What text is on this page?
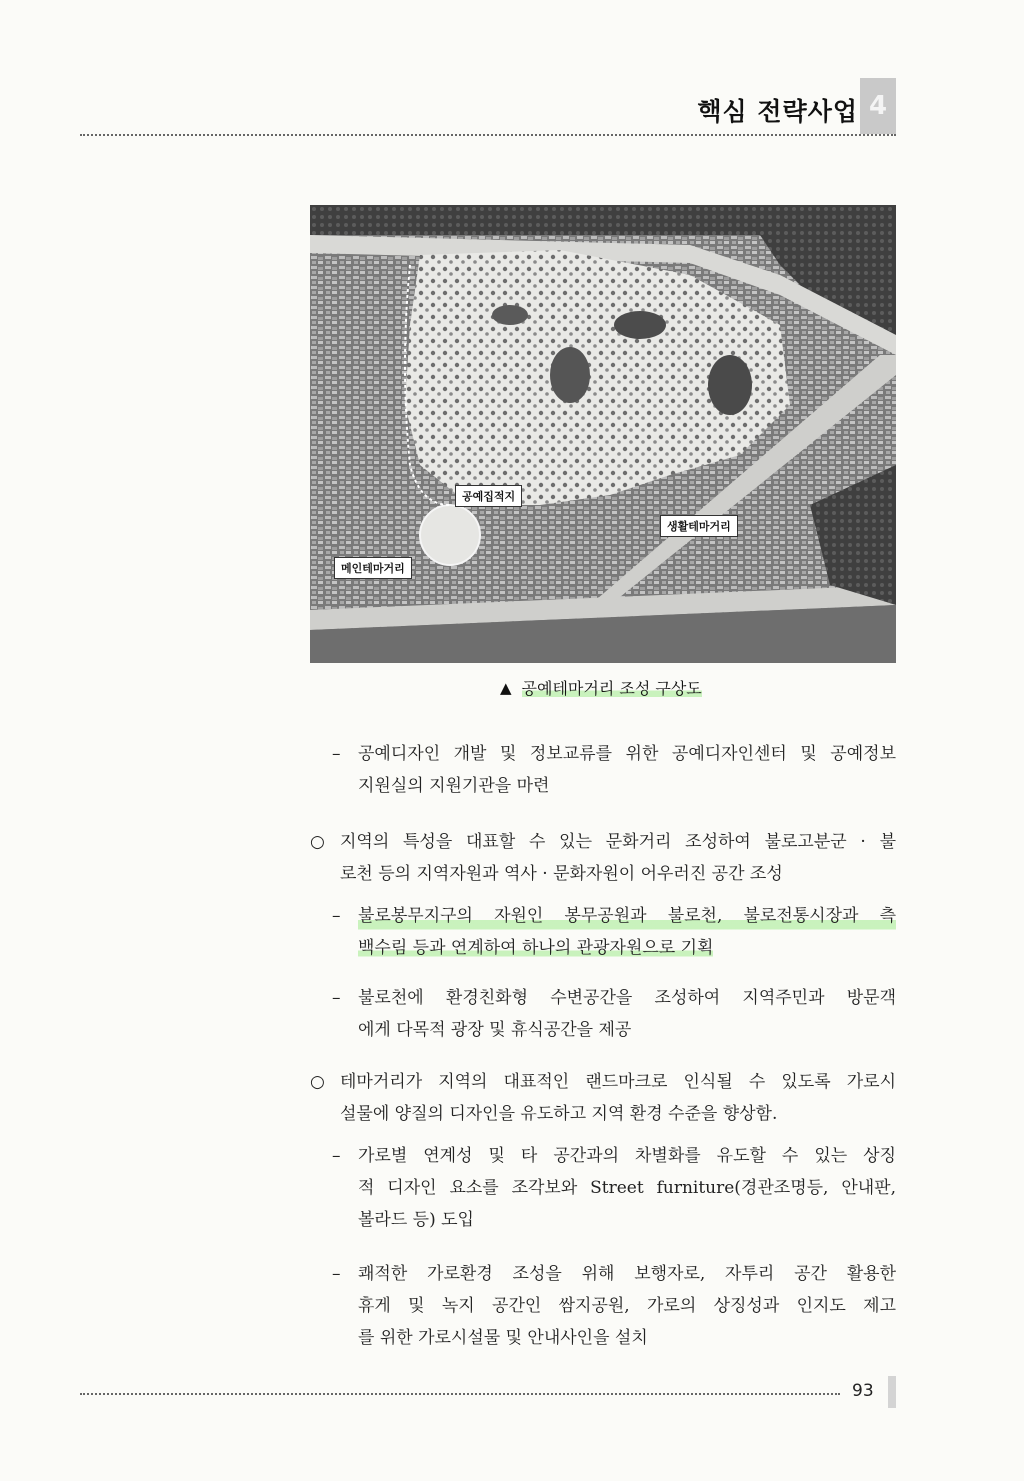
핵심 전략사업 4
공예집적지
메인테마거리
생활테마거리
▲ 공예테마거리 조성 구상도
– 공예디자인 개발 및 정보교류를 위한 공예디자인센터 및 공예정보
지원실의 지원기관을 마련
○ 지역의 특성을 대표할 수 있는 문화거리 조성하여 불로고분군 · 불
로천 등의 지역자원과 역사 · 문화자원이 어우러진 공간 조성
– 불로봉무지구의 자원인 봉무공원과 불로천, 불로전통시장과 측
백수림 등과 연계하여 하나의 관광자원으로 기획
– 불로천에 환경친화형 수변공간을 조성하여 지역주민과 방문객
에게 다목적 광장 및 휴식공간을 제공
○ 테마거리가 지역의 대표적인 랜드마크로 인식될 수 있도록 가로시
설물에 양질의 디자인을 유도하고 지역 환경 수준을 향상함.
– 가로별 연계성 및 타 공간과의 차별화를 유도할 수 있는 상징
적 디자인 요소를 조각보와 Street furniture(경관조명등, 안내판,
볼라드 등) 도입
– 쾌적한 가로환경 조성을 위해 보행자로, 자투리 공간 활용한
휴게 및 녹지 공간인 쌈지공원, 가로의 상징성과 인지도 제고
를 위한 가로시설물 및 안내사인을 설치
93
